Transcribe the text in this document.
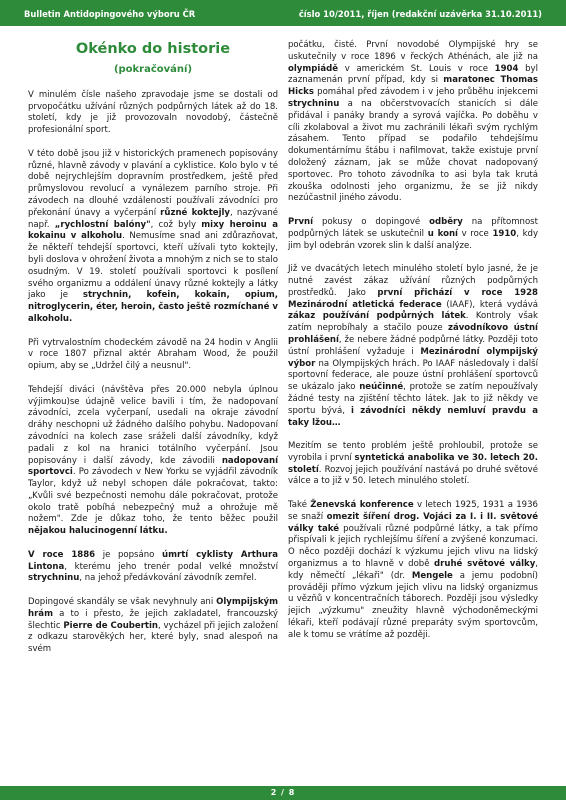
Bulletin Antidopingového výboru ČR	číslo 10/2011, říjen (redakční uzávěrka 31.10.2011)
Okénko do historie
(pokračování)

V minulém čísle našeho zpravodaje jsme se dostali od prvopočátku užívání různých podpůrných látek až do 18. století, kdy je již provozovaln novodobý, částečně profesionální sport.

V této době jsou již v historických pramenech popisovány různé, hlavně závody v plavání a cyklistice. Kolo bylo v té době nejrychlejším dopravním prostředkem, ještě před průmyslovou revolucí a vynálezem parního stroje. Při závodech na dlouhé vzdálenosti používali závodníci pro překonání únavy a vyčerpání různé koktejly, nazývané např. „rychlostní balóny", což byly mixy heroinu a kokainu v alkoholu. Nemusíme snad ani zdůrazňovat, že někteří tehdejší sportovci, kteří užívali tyto koktejly, byli doslova v ohrožení života a mnohým z nich se to stalo osudným. V 19. století používali sportovci k posílení svého organizmu a oddálení únavy různé koktejly a látky jako je strychnin, kofein, kokain, opium, nitroglycerin, éter, heroin, často ještě rozmíchané v alkoholu.

Při vytrvalostním chodeckém závodě na 24 hodin v Anglii v roce 1807 přiznal aktér Abraham Wood, že použil opium, aby se „Udržel čilý a neusnul".

Tehdejší diváci (návštěva přes 20.000 nebyla úplnou výjimkou)se údajně velice bavili i tím, že nadopovaní závodníci, zcela vyčerpaní, usedali na okraje závodní dráhy neschopni už žádného dalšího pohybu. Nadopovaní závodníci na kolech zase sráželi další závodníky, když padali z kol na hranici totálního vyčerpání. Jsou popisovány i další závody, kde závodili nadopovaní sportovci. Po závodech v New Yorku se vyjádřil závodník Taylor, když už nebyl schopen dále pokračovat, takto: „Kvůli své bezpečnosti nemohu dále pokračovat, protože okolo tratě pobíhá nebezpečný muž a ohrožuje mě nožem". Zde je důkaz toho, že tento běžec použil nějakou halucinogenní látku.

V roce 1886 je popsáno úmrtí cyklisty Arthura Lintona, kterému jeho trenér podal velké množství strychninu, na jehož předávkování závodník zemřel.

Dopingové skandály se však nevyhnuly ani Olympijským hrám a to i přesto, že jejich zakladatel, francouzský šlechtic Pierre de Coubertin, vycházel při jejich založení z odkazu starověkých her, které byly, snad alespoň na svém

počátku, čisté. První novodobé Olympijské hry se uskutečnily v roce 1896 v řeckých Athénách, ale již na olympiádě v americkém St. Louis v roce 1904 byl zaznamenán první případ, kdy si maratonec Thomas Hicks pomáhal před závodem i v jeho průběhu injekcemi strychninu a na občerstvovacích stanicích si dále přidával i panáky brandy a syrová vajíčka. Po doběhu v cíli zkolaboval a život mu zachránili lékaři svým rychlým zásahem. Tento případ se podařilo tehdejšímu dokumentárnímu štábu i nafilmovat, takže existuje první doložený záznam, jak se může chovat nadopovaný sportovec. Pro tohoto závodníka to asi byla tak krutá zkouška odolnosti jeho organizmu, že se již nikdy nezúčastnil jiného závodu.

První pokusy o dopingové odběry na přítomnost podpůrných látek se uskutečnil u koní v roce 1910, kdy jim byl odebrán vzorek slin k další analýze.

Již ve dvacátých letech minulého století bylo jasné, že je nutné zavést zákaz užívání různých podpůrných prostředků. Jako první přichází v roce 1928 Mezinárodní atletická federace (IAAF), která vydává zákaz používání podpůrných látek. Kontroly však zatím neprobíhaly a stačilo pouze závodníkovo ústní prohlášení, že nebere žádné podpůrné látky. Později toto ústní prohlášení vyžaduje i Mezinárodní olympijský výbor na Olympijských hrách. Po IAAF následovaly i další sportovní federace, ale pouze ústní prohlášení sportovců se ukázalo jako neúčinné, protože se zatím nepoužívaly žádné testy na zjištění těchto látek. Jak to již někdy ve sportu bývá, i závodníci někdy nemluví pravdu a taky lžou…

Mezitím se tento problém ještě prohloubil, protože se vyrobila i první syntetická anabolika ve 30. letech 20. století. Rozvoj jejich používání nastává po druhé světové válce a to již v 50. letech minulého století.

Také Ženevská konference v letech 1925, 1931 a 1936 se snaží omezit šíření drog. Vojáci za I. i II. světové války také používali různé podpůrné látky, a tak přímo přispívali k jejich rychlejšímu šíření a zvýšené konzumaci. O něco později dochází k výzkumu jejich vlivu na lidský organizmus a to hlavně v době druhé světové války, kdy němečtí „lékaři" (dr. Mengele a jemu podobní) prováději přímo výzkum jejich vlivu na lidský organizmus u vězňů v koncentračních táborech. Později jsou výsledky jejich „výzkumu" zneužity hlavně východoněmeckými lékaři, kteří podávají různé preparáty svým sportovcům, ale k tomu se vrátíme až později.

2 / 8
